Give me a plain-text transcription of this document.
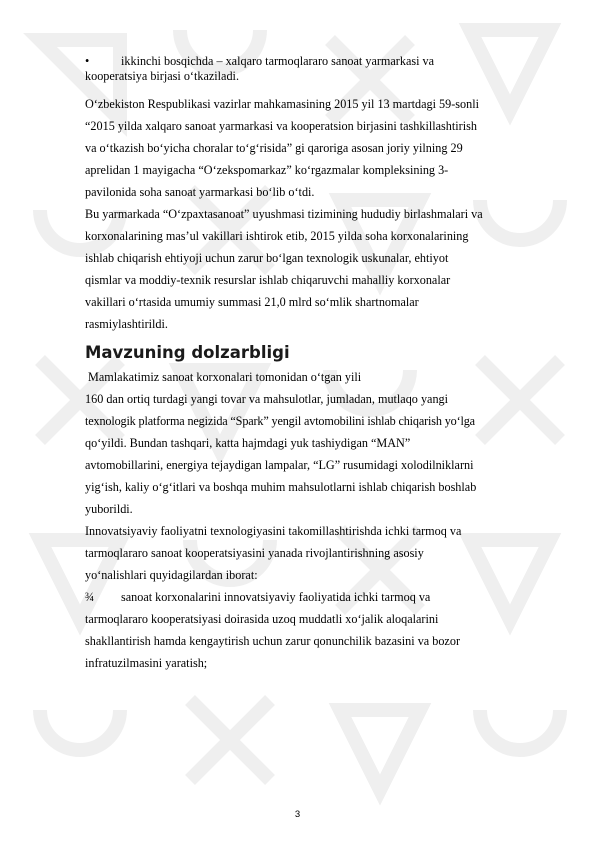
•	ikkinchi bosqichda – xalqaro tarmoqlararo sanoat yarmarkasi va

kooperatsiya birjasi o‘tkaziladi.

O‘zbekiston Respublikasi vazirlar mahkamasining 2015 yil 13 martdagi 59-sonli

“2015 yilda xalqaro sanoat yarmarkasi va kooperatsion birjasini tashkillashtirish

va o‘tkazish bo‘yicha choralar to‘g‘risida” gi qaroriga asosan joriy yilning 29

aprelidan 1 mayigacha “O‘zekspomarkaz” ko‘rgazmalar kompleksining 3-

pavilonida soha sanoat yarmarkasi bo‘lib o‘tdi.

Bu yarmarkada “O‘zpaxtasanoat” uyushmasi tizimining hududiy birlashmalari va

korxonalarining mas’ul vakillari ishtirok etib, 2015 yilda soha korxonalarining

ishlab chiqarish ehtiyoji uchun zarur bo‘lgan texnologik uskunalar, ehtiyot

qismlar va moddiy-texnik resurslar ishlab chiqaruvchi mahalliy korxonalar

vakillari o‘rtasida umumiy summasi 21,0 mlrd so‘mlik shartnomalar

rasmiylashtirildi.

Mavzuning dolzarbligi

Mamlakatimiz sanoat korxonalari tomonidan o‘tgan yili

160 dan ortiq turdagi yangi tovar va mahsulotlar, jumladan, mutlaqo yangi

texnologik platforma negizida “Spark” yengil avtomobilini ishlab chiqarish yo‘lga

qo‘yildi. Bundan tashqari, katta hajmdagi yuk tashiydigan “MAN”

avtomobillarini, energiya tejaydigan lampalar, “LG” rusumidagi xolodilniklarni

yig‘ish, kaliy o‘g‘itlari va boshqa muhim mahsulotlarni ishlab chiqarish boshlab

yuborildi.

Innovatsiyaviy faoliyatni texnologiyasini takomillashtirishda ichki tarmoq va

tarmoqlararo sanoat kooperatsiyasini yanada rivojlantirishning asosiy

yo‘nalishlari quyidagilardan iborat:

¾	sanoat korxonalarini innovatsiyaviy faoliyatida ichki tarmoq va

tarmoqlararo kooperatsiyasi doirasida uzoq muddatli xo‘jalik aloqalarini

shakllantirish hamda kengaytirish uchun zarur qonunchilik bazasini va bozor

infratuzilmasini yaratish;

3
